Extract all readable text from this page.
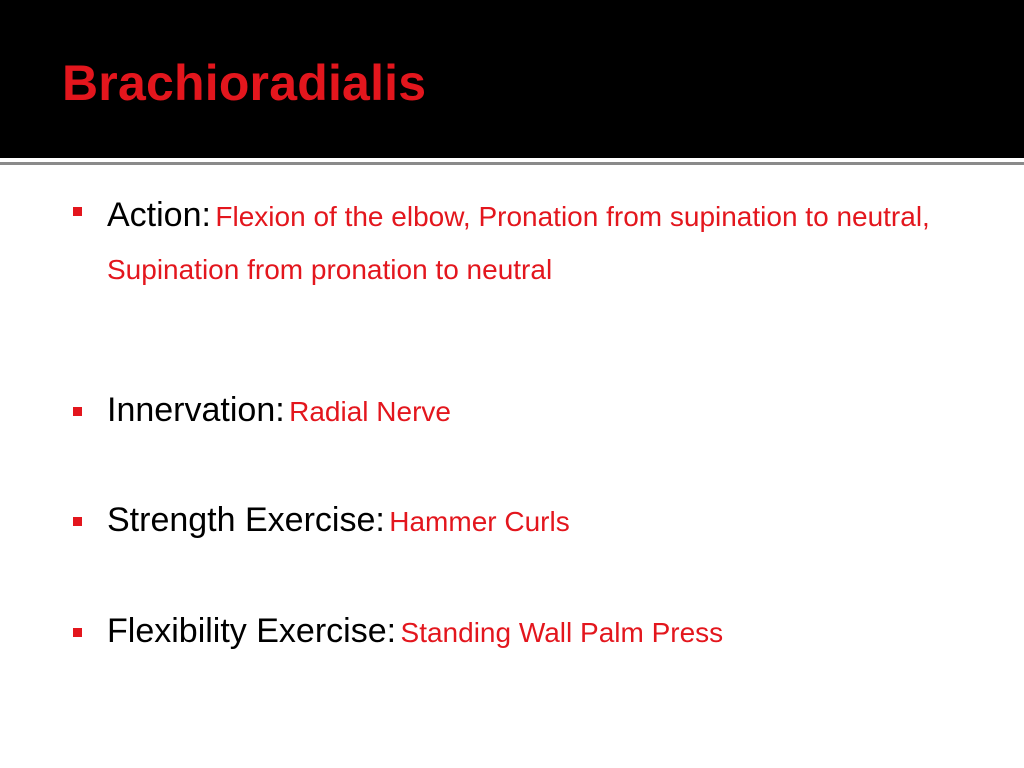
Brachioradialis
Action: Flexion of the elbow, Pronation from supination to neutral, Supination from pronation to neutral
Innervation: Radial Nerve
Strength Exercise: Hammer Curls
Flexibility Exercise: Standing Wall Palm Press
